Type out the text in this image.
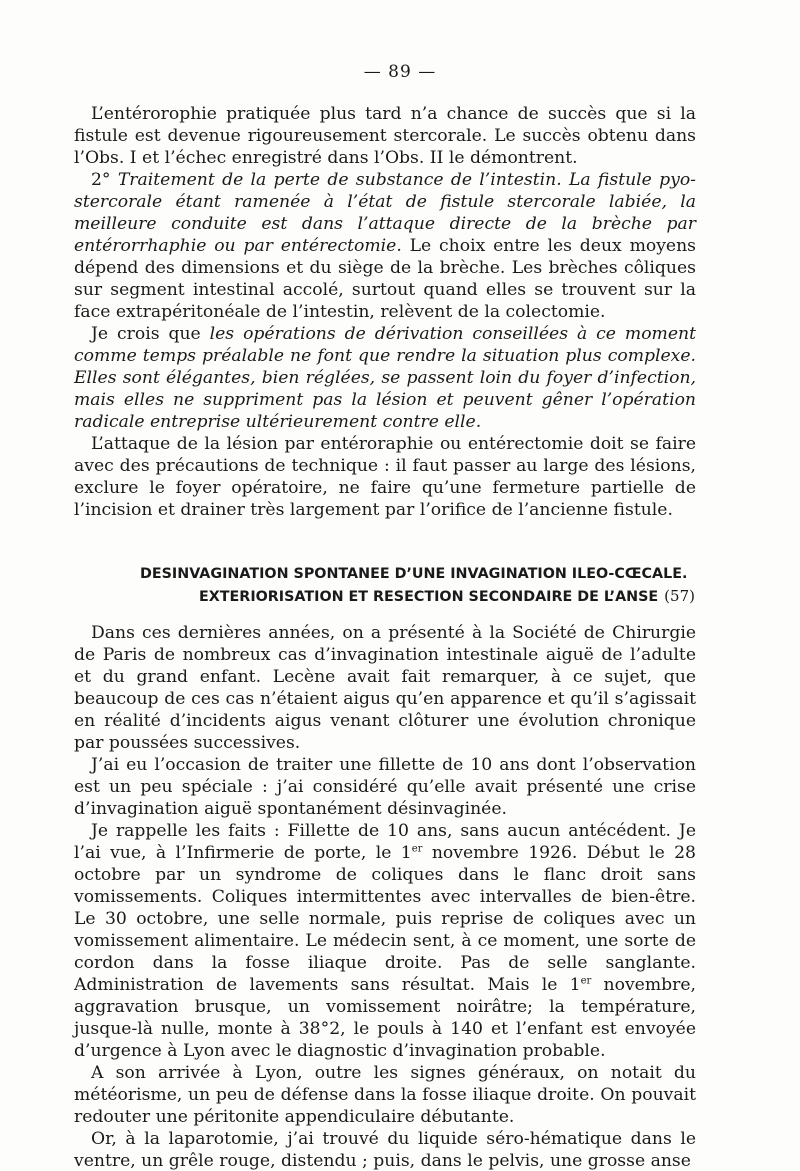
— 89 —

L’entérorophie pratiquée plus tard n’a chance de succès que si la fistule est devenue rigoureusement stercorale. Le succès obtenu dans l’Obs. I et l’échec enregistré dans l’Obs. II le démontrent.

2° Traitement de la perte de substance de l’intestin. La fistule pyo-stercorale étant ramenée à l’état de fistule stercorale labiée, la meilleure conduite est dans l’attaque directe de la brèche par entérorrhaphie ou par entérectomie. Le choix entre les deux moyens dépend des dimensions et du siège de la brèche. Les brèches côliques sur segment intestinal accolé, surtout quand elles se trouvent sur la face extrapéritonéale de l’intestin, relèvent de la colectomie.

Je crois que les opérations de dérivation conseillées à ce moment comme temps préalable ne font que rendre la situation plus complexe. Elles sont élégantes, bien réglées, se passent loin du foyer d’infection, mais elles ne suppriment pas la lésion et peuvent gêner l’opération radicale entreprise ultérieurement contre elle.

L’attaque de la lésion par entéroraphie ou entérectomie doit se faire avec des précautions de technique : il faut passer au large des lésions, exclure le foyer opératoire, ne faire qu’une fermeture partielle de l’incision et drainer très largement par l’orifice de l’ancienne fistule.

DESINVAGINATION SPONTANEE D’UNE INVAGINATION ILEO-CŒCALE.
EXTERIORISATION ET RESECTION SECONDAIRE DE L’ANSE (57)

Dans ces dernières années, on a présenté à la Société de Chirurgie de Paris de nombreux cas d’invagination intestinale aiguë de l’adulte et du grand enfant. Lecène avait fait remarquer, à ce sujet, que beaucoup de ces cas n’étaient aigus qu’en apparence et qu’il s’agissait en réalité d’incidents aigus venant clôturer une évolution chronique par poussées successives.

J’ai eu l’occasion de traiter une fillette de 10 ans dont l’observation est un peu spéciale : j’ai considéré qu’elle avait présenté une crise d’invagination aiguë spontanément désinvaginée.

Je rappelle les faits : Fillette de 10 ans, sans aucun antécédent. Je l’ai vue, à l’Infirmerie de porte, le 1er novembre 1926. Début le 28 octobre par un syndrome de coliques dans le flanc droit sans vomissements. Coliques intermittentes avec intervalles de bien-être. Le 30 octobre, une selle normale, puis reprise de coliques avec un vomissement alimentaire. Le médecin sent, à ce moment, une sorte de cordon dans la fosse iliaque droite. Pas de selle sanglante. Administration de lavements sans résultat. Mais le 1er novembre, aggravation brusque, un vomissement noirâtre; la température, jusque-là nulle, monte à 38°2, le pouls à 140 et l’enfant est envoyée d’urgence à Lyon avec le diagnostic d’invagination probable.

A son arrivée à Lyon, outre les signes généraux, on notait du météorisme, un peu de défense dans la fosse iliaque droite. On pouvait redouter une péritonite appendiculaire débutante.

Or, à la laparotomie, j’ai trouvé du liquide séro-hématique dans le ventre, un grêle rouge, distendu ; puis, dans le pelvis, une grosse anse
